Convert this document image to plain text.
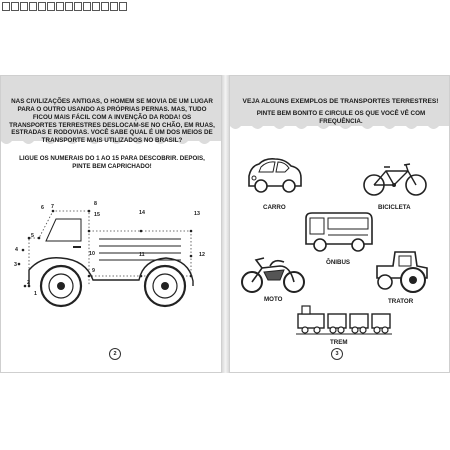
NAS CIVILIZAÇÕES ANTIGAS, O HOMEM SE MOVIA DE UM LUGAR PARA O OUTRO USANDO AS PRÓPRIAS PERNAS. MAS, TUDO FICOU MAIS FÁCIL COM A INVENÇÃO DA RODA! OS TRANSPORTES TERRESTRES DESLOCAM-SE NO CHÃO, EM RUAS, ESTRADAS E RODOVIAS. VOCÊ SABE QUAL É UM DOS MEIOS DE TRANSPORTE MAIS UTILIZADOS NO BRASIL?
LIGUE OS NUMERAIS DO 1 AO 15 PARA DESCOBRIR. DEPOIS, PINTE BEM CAPRICHADO!
1
2
3
4
5
6 7	8
9
10	11	12
13
14
15
2
VEJA ALGUNS EXEMPLOS DE TRANSPORTES TERRESTRES!
PINTE BEM BONITO E CIRCULE OS QUE VOCÊ VÊ COM FREQUÊNCIA.
CARRO	BICICLETA
ÔNIBUS
MOTO	TRATOR
TREM
3
